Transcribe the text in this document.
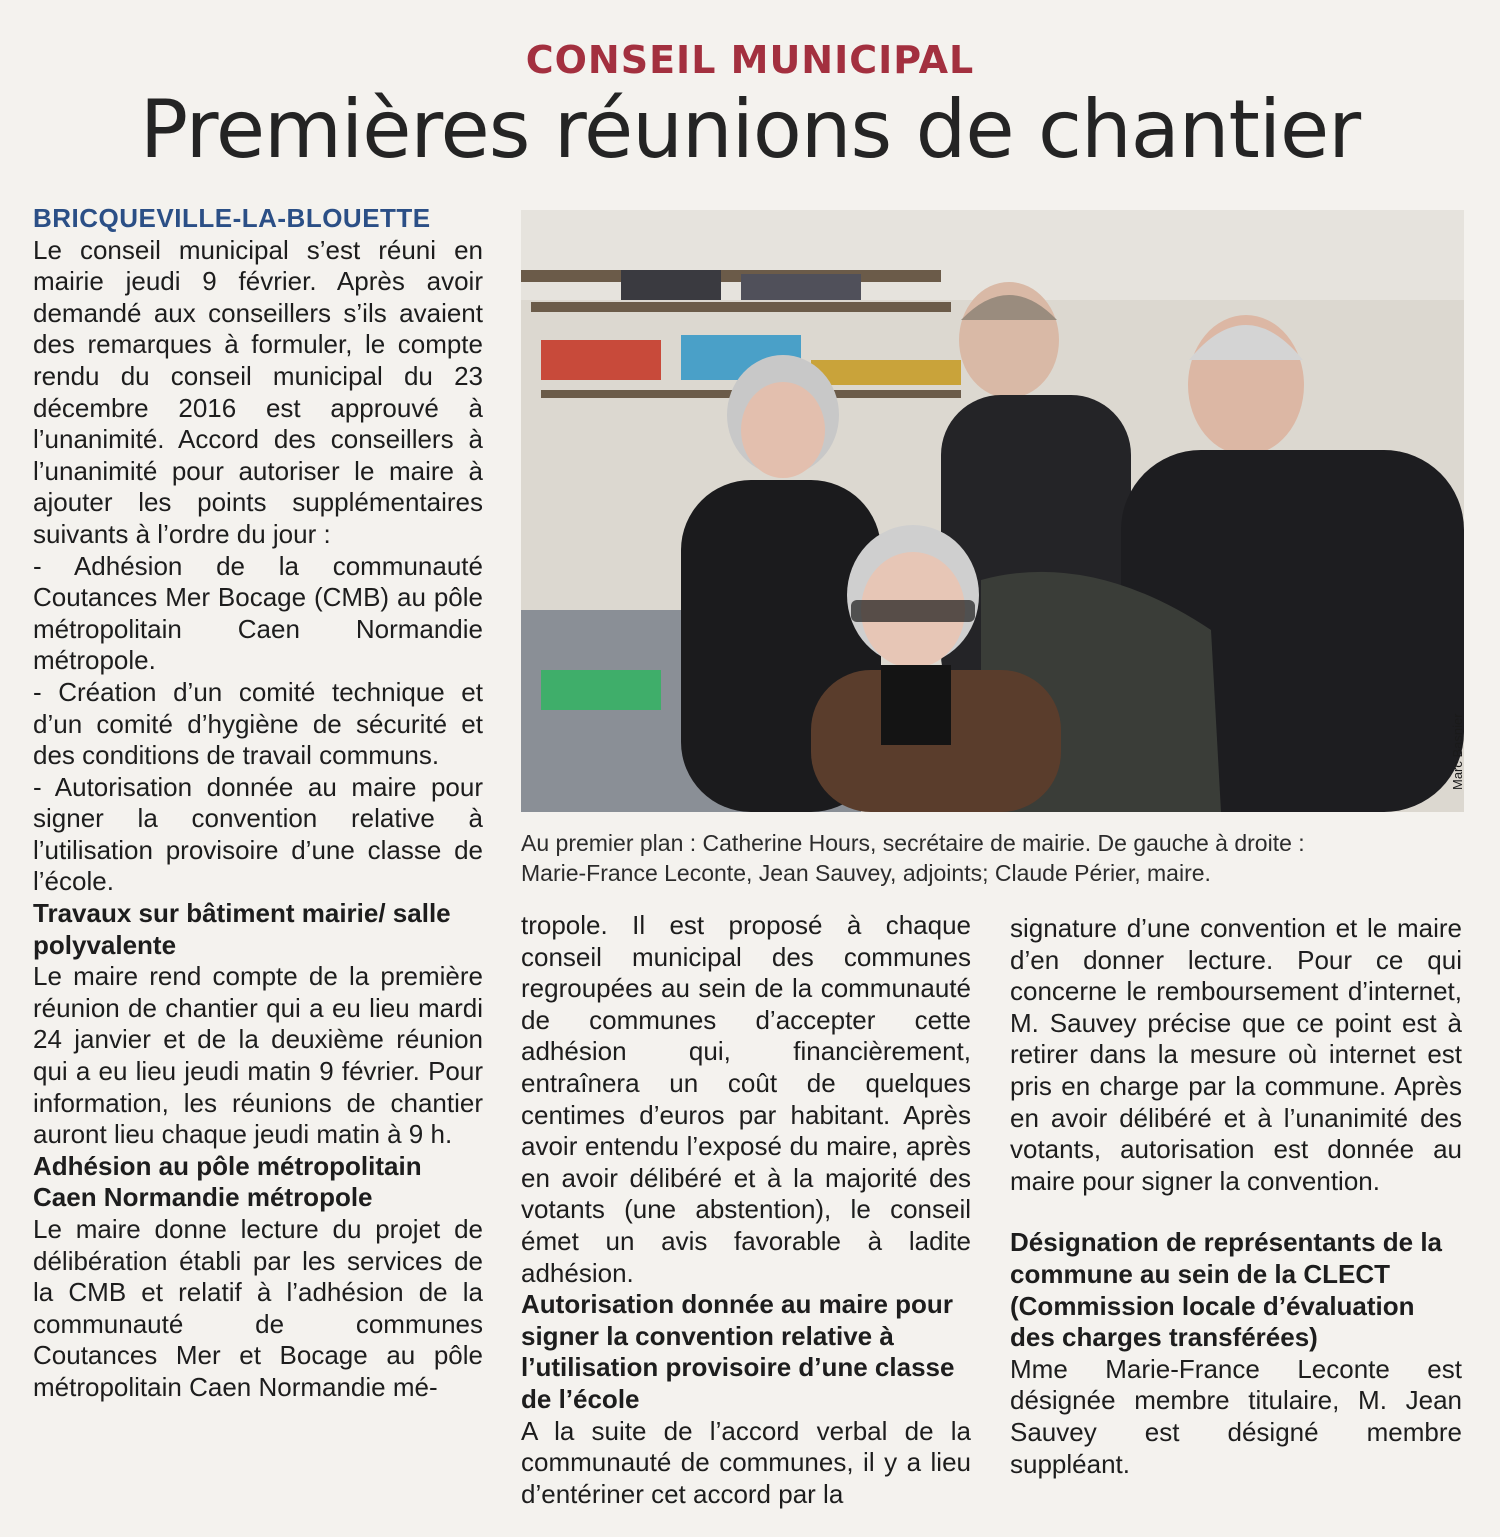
CONSEIL MUNICIPAL
Premières réunions de chantier

BRICQUEVILLE-LA-BLOUETTE

Le conseil municipal s’est réuni en mairie jeudi 9 février. Après avoir demandé aux conseillers s’ils avaient des remarques à formuler, le compte rendu du conseil municipal du 23 décembre 2016 est approuvé à l’unanimité. Accord des conseillers à l’unanimité pour autoriser le maire à ajouter les points supplémentaires suivants à l’ordre du jour :

- Adhésion de la communauté Coutances Mer Bocage (CMB) au pôle métropolitain Caen Normandie métropole.

- Création d’un comité technique et d’un comité d’hygiène de sécurité et des conditions de travail communs.

- Autorisation donnée au maire pour signer la convention relative à l’utilisation provisoire d’une classe de l’école.

Travaux sur bâtiment mairie/ salle polyvalente

Le maire rend compte de la première réunion de chantier qui a eu lieu mardi 24 janvier et de la deuxième réunion qui a eu lieu jeudi matin 9 février. Pour information, les réunions de chantier auront lieu chaque jeudi matin à 9 h.

Adhésion au pôle métropolitain Caen Normandie métropole

Le maire donne lecture du projet de délibération établi par les services de la CMB et relatif à l’adhésion de la communauté de communes Coutances Mer et Bocage au pôle métropolitain Caen Normandie mé-

Marc Basnier

Au premier plan : Catherine Hours, secrétaire de mairie. De gauche à droite :

Marie-France Leconte, Jean Sauvey, adjoints; Claude Périer, maire.

tropole. Il est proposé à chaque conseil municipal des communes regroupées au sein de la communauté de communes d’accepter cette adhésion qui, financièrement, entraînera un coût de quelques centimes d’euros par habitant. Après avoir entendu l’exposé du maire, après en avoir délibéré et à la majorité des votants (une abstention), le conseil émet un avis favorable à ladite adhésion.

Autorisation donnée au maire pour signer la convention relative à l’utilisation provisoire d’une classe de l’école

A la suite de l’accord verbal de la communauté de communes, il y a lieu d’entériner cet accord par la

signature d’une convention et le maire d’en donner lecture. Pour ce qui concerne le remboursement d’internet, M. Sauvey précise que ce point est à retirer dans la mesure où internet est pris en charge par la commune. Après en avoir délibéré et à l’unanimité des votants, autorisation est donnée au maire pour signer la convention.

Désignation de représentants de la commune au sein de la CLECT (Commission locale d’évaluation des charges transférées)

Mme Marie-France Leconte est désignée membre titulaire, M. Jean Sauvey est désigné membre suppléant.
